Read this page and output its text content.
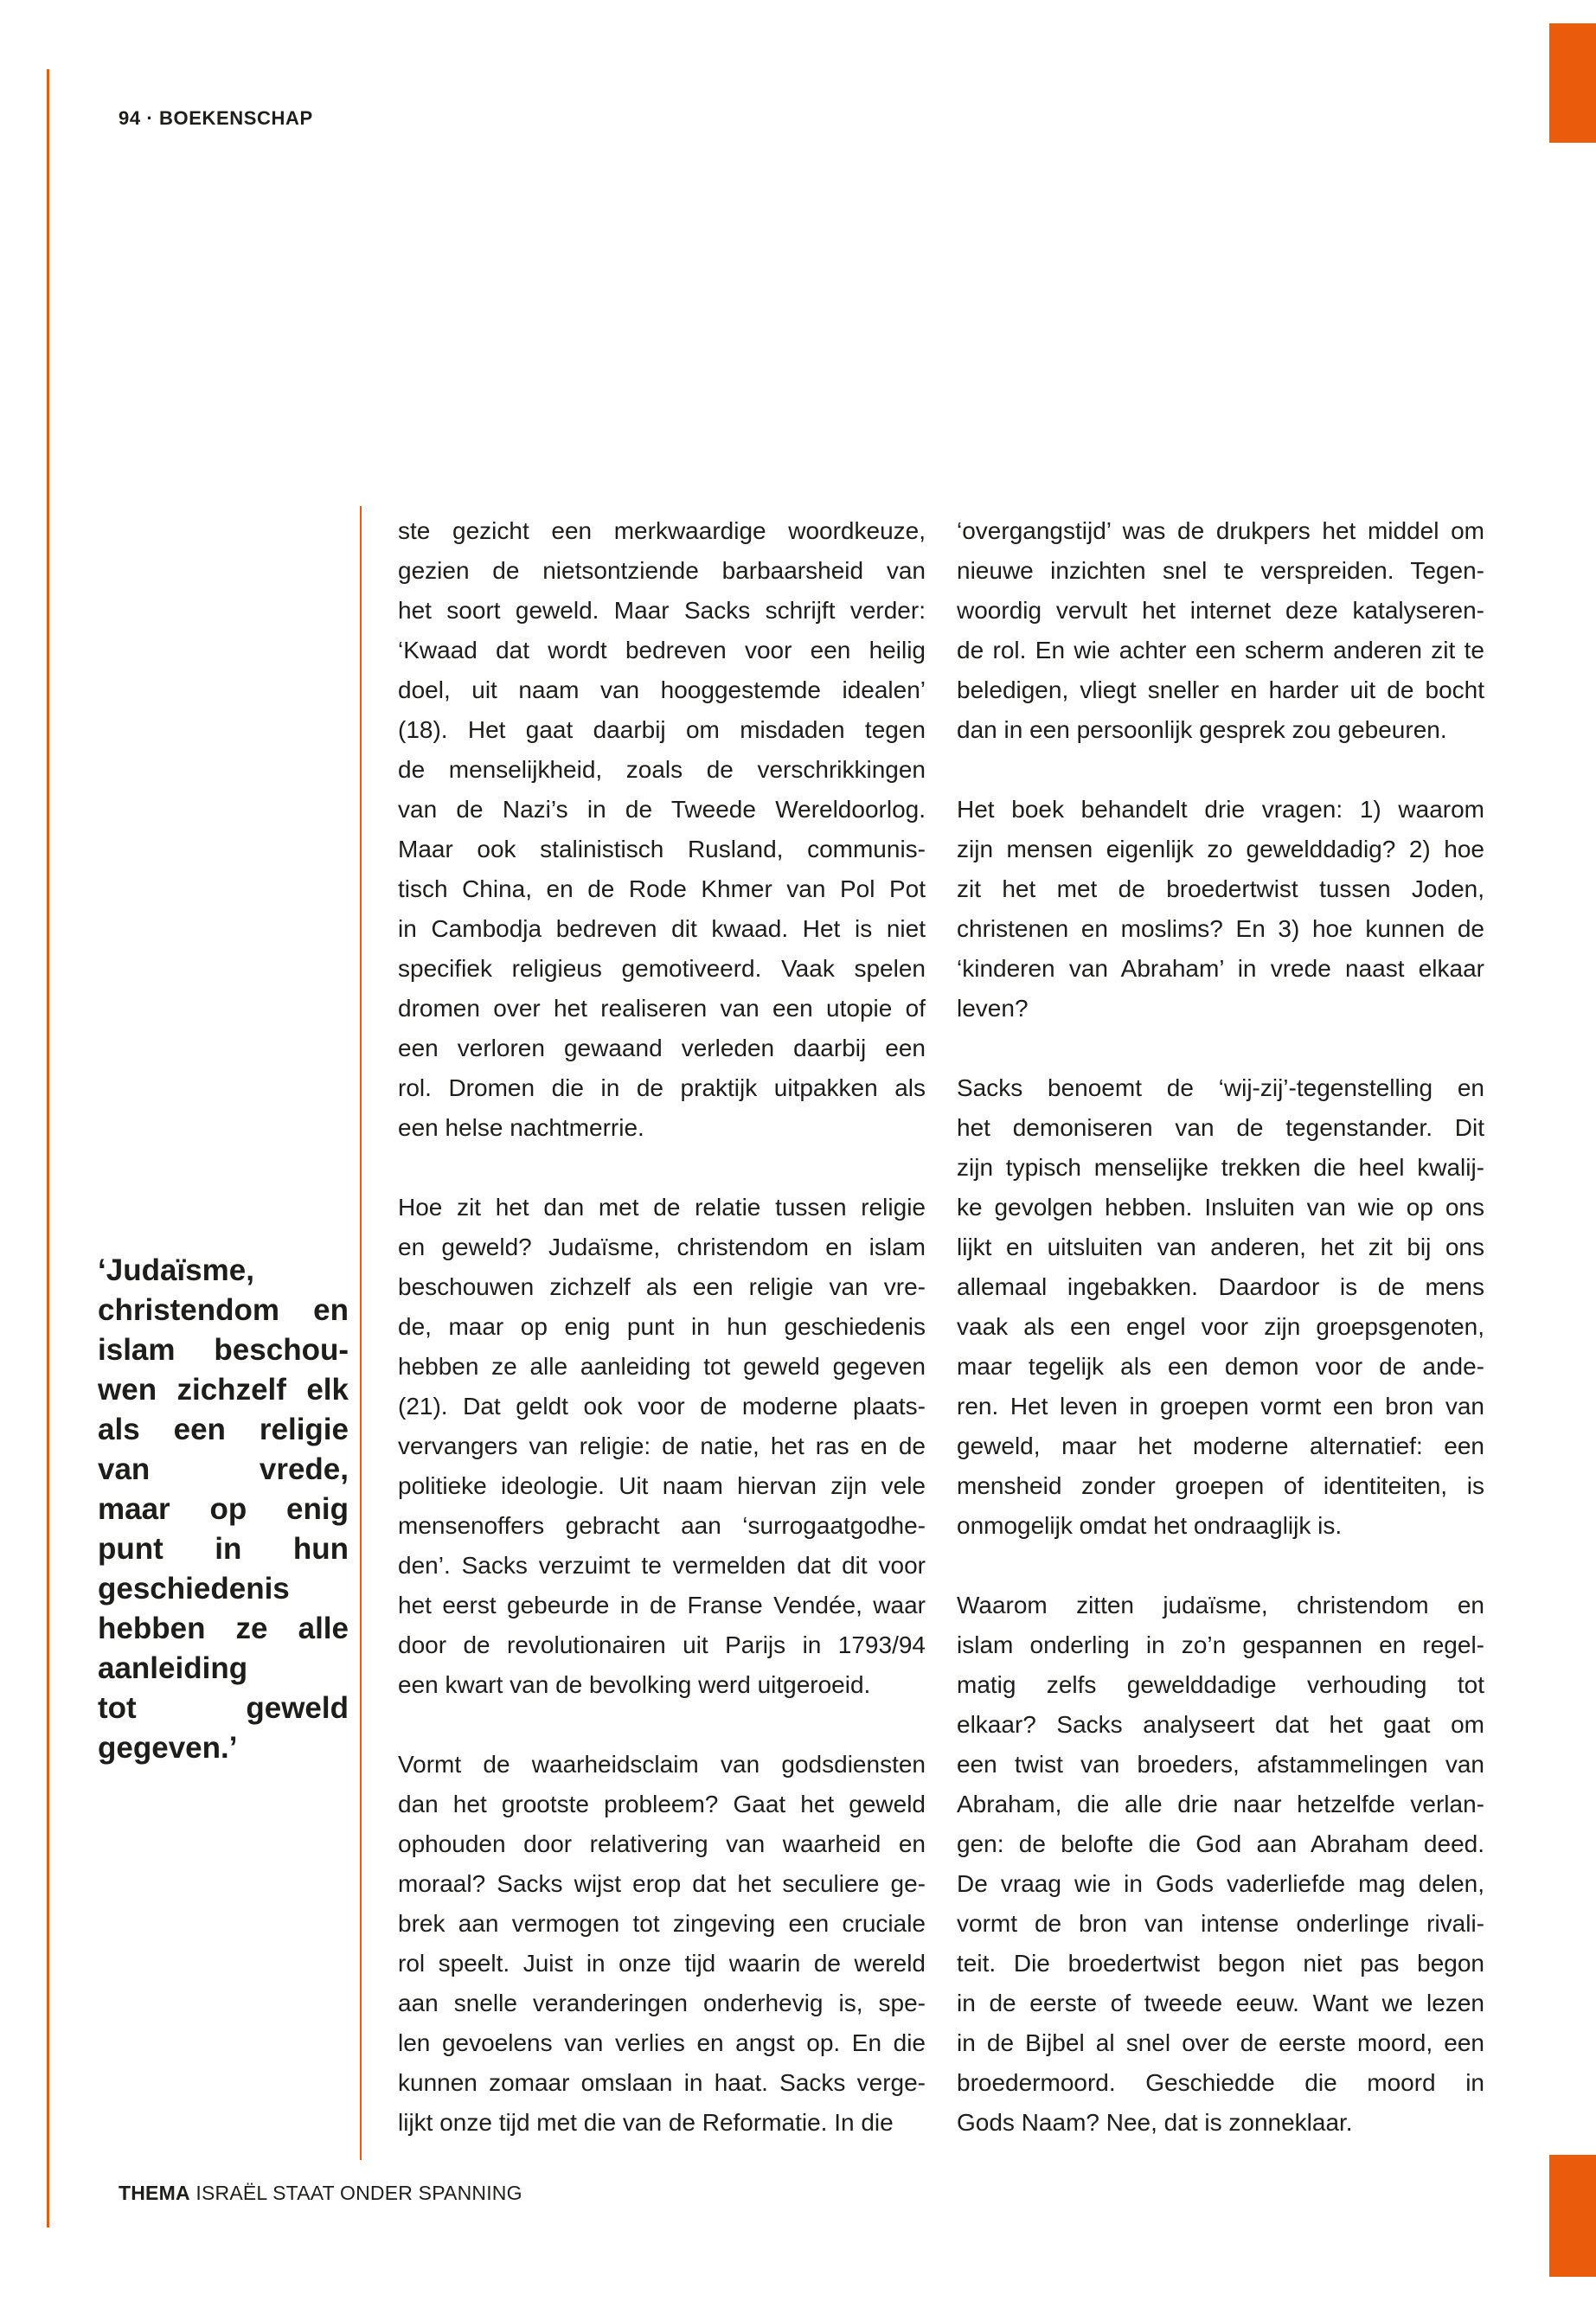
94 · BOEKENSCHAP
‘Judaïsme,
christendom en
islam beschou-
wen zichzelf elk
als een religie
van vrede,
maar op enig
punt in hun
geschiedenis
hebben ze alle
aanleiding
tot geweld
gegeven.’
ste gezicht een merkwaardige woordkeuze,
gezien de nietsontziende barbaarsheid van
het soort geweld. Maar Sacks schrijft verder:
‘Kwaad dat wordt bedreven voor een heilig
doel, uit naam van hooggestemde idealen’
(18). Het gaat daarbij om misdaden tegen
de menselijkheid, zoals de verschrikkingen
van de Nazi’s in de Tweede Wereldoorlog.
Maar ook stalinistisch Rusland, communis-
tisch China, en de Rode Khmer van Pol Pot
in Cambodja bedreven dit kwaad. Het is niet
specifiek religieus gemotiveerd. Vaak spelen
dromen over het realiseren van een utopie of
een verloren gewaand verleden daarbij een
rol. Dromen die in de praktijk uitpakken als
een helse nachtmerrie.
Hoe zit het dan met de relatie tussen religie
en geweld? Judaïsme, christendom en islam
beschouwen zichzelf als een religie van vre-
de, maar op enig punt in hun geschiedenis
hebben ze alle aanleiding tot geweld gegeven
(21). Dat geldt ook voor de moderne plaats-
vervangers van religie: de natie, het ras en de
politieke ideologie. Uit naam hiervan zijn vele
mensenoffers gebracht aan ‘surrogaatgodhe-
den’. Sacks verzuimt te vermelden dat dit voor
het eerst gebeurde in de Franse Vendée, waar
door de revolutionairen uit Parijs in 1793/94
een kwart van de bevolking werd uitgeroeid.
Vormt de waarheidsclaim van godsdiensten
dan het grootste probleem? Gaat het geweld
ophouden door relativering van waarheid en
moraal? Sacks wijst erop dat het seculiere ge-
brek aan vermogen tot zingeving een cruciale
rol speelt. Juist in onze tijd waarin de wereld
aan snelle veranderingen onderhevig is, spe-
len gevoelens van verlies en angst op. En die
kunnen zomaar omslaan in haat. Sacks verge-
lijkt onze tijd met die van de Reformatie. In die
‘overgangstijd’ was de drukpers het middel om
nieuwe inzichten snel te verspreiden. Tegen-
woordig vervult het internet deze katalyseren-
de rol. En wie achter een scherm anderen zit te
beledigen, vliegt sneller en harder uit de bocht
dan in een persoonlijk gesprek zou gebeuren.
Het boek behandelt drie vragen: 1) waarom
zijn mensen eigenlijk zo gewelddadig? 2) hoe
zit het met de broedertwist tussen Joden,
christenen en moslims? En 3) hoe kunnen de
‘kinderen van Abraham’ in vrede naast elkaar
leven?
Sacks benoemt de ‘wij-zij’-tegenstelling en
het demoniseren van de tegenstander. Dit
zijn typisch menselijke trekken die heel kwalij-
ke gevolgen hebben. Insluiten van wie op ons
lijkt en uitsluiten van anderen, het zit bij ons
allemaal ingebakken. Daardoor is de mens
vaak als een engel voor zijn groepsgenoten,
maar tegelijk als een demon voor de ande-
ren. Het leven in groepen vormt een bron van
geweld, maar het moderne alternatief: een
mensheid zonder groepen of identiteiten, is
onmogelijk omdat het ondraaglijk is.
Waarom zitten judaïsme, christendom en
islam onderling in zo’n gespannen en regel-
matig zelfs gewelddadige verhouding tot
elkaar? Sacks analyseert dat het gaat om
een twist van broeders, afstammelingen van
Abraham, die alle drie naar hetzelfde verlan-
gen: de belofte die God aan Abraham deed.
De vraag wie in Gods vaderliefde mag delen,
vormt de bron van intense onderlinge rivali-
teit. Die broedertwist begon niet pas begon
in de eerste of tweede eeuw. Want we lezen
in de Bijbel al snel over de eerste moord, een
broedermoord. Geschiedde die moord in
Gods Naam? Nee, dat is zonneklaar.
THEMA ISRAËL STAAT ONDER SPANNING
